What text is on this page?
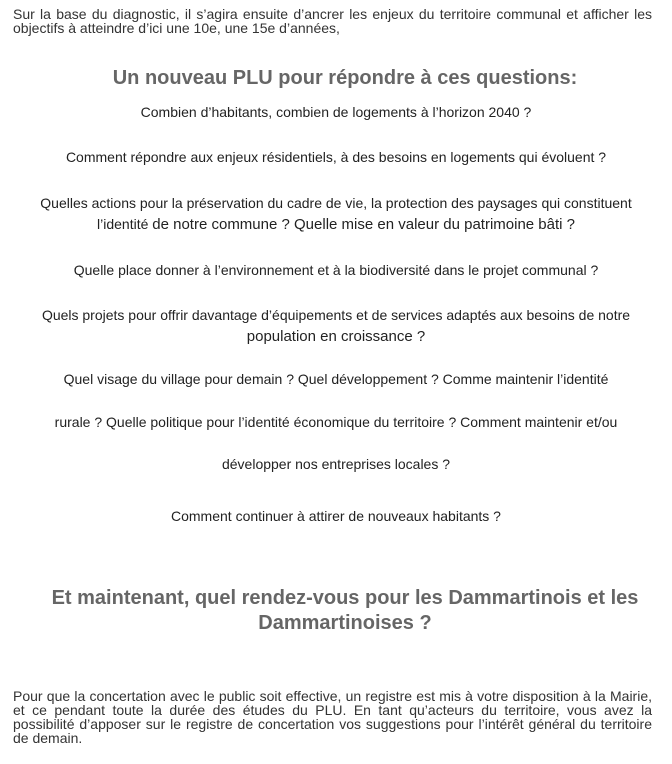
Sur la base du diagnostic, il s’agira ensuite d’ancrer les enjeux du territoire communal et afficher les objectifs à atteindre d’ici une 10e, une 15e d’années,

Un nouveau PLU pour répondre à ces questions:

Combien d’habitants, combien de logements à l’horizon 2040 ?

Comment répondre aux enjeux résidentiels, à des besoins en logements qui évoluent ?

Quelles actions pour la préservation du cadre de vie, la protection des paysages qui constituent
l’identité de notre commune ? Quelle mise en valeur du patrimoine bâti ?

Quelle place donner à l’environnement et à la biodiversité dans le projet communal ?

Quels projets pour offrir davantage d’équipements et de services adaptés aux besoins de notre
population en croissance ?

Quel visage du village pour demain ? Quel développement ? Comme maintenir l’identité

rurale ? Quelle politique pour l’identité économique du territoire ? Comment maintenir et/ou

développer nos entreprises locales ?

Comment continuer à attirer de nouveaux habitants ?

Et maintenant, quel rendez-vous pour les Dammartinois et les
Dammartinoises ?

Pour que la concertation avec le public soit effective, un registre est mis à votre disposition à la Mairie, et ce pendant toute la durée des études du PLU. En tant qu’acteurs du territoire, vous avez la possibilité d’apposer sur le registre de concertation vos suggestions pour l’intérêt général du territoire de demain.
